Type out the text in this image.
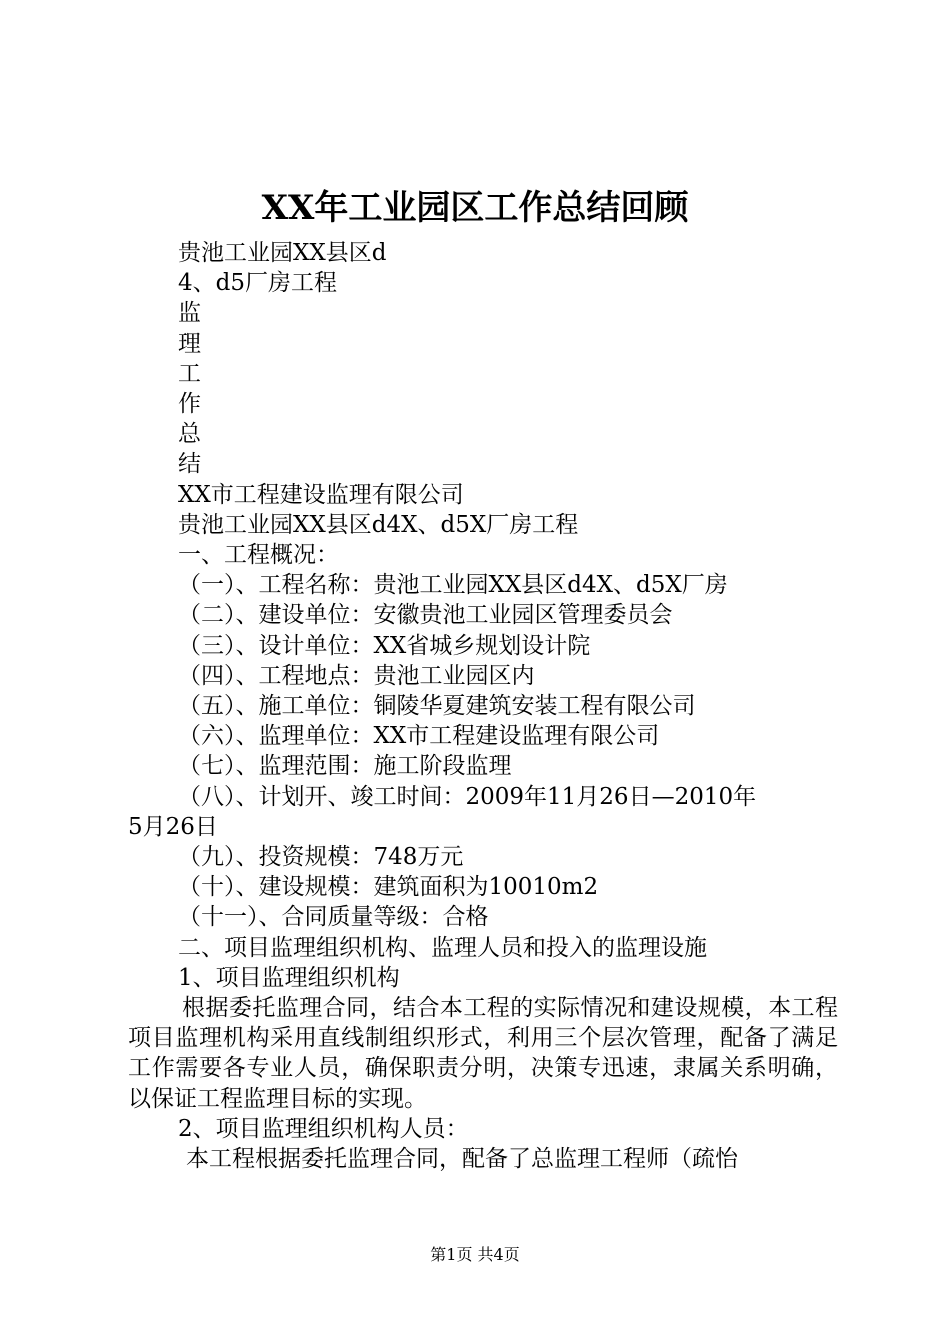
XX年工业园区工作总结回顾
贵池工业园XX县区d
4、d5厂房工程
监
理
工
作
总
结
XX市工程建设监理有限公司
贵池工业园XX县区d4X、d5X厂房工程
一、工程概况：
（一）、工程名称：贵池工业园XX县区d4X、d5X厂房
（二）、建设单位：安徽贵池工业园区管理委员会
（三）、设计单位：XX省城乡规划设计院
（四）、工程地点：贵池工业园区内
（五）、施工单位：铜陵华夏建筑安装工程有限公司
（六）、监理单位：XX市工程建设监理有限公司
（七）、监理范围：施工阶段监理
（八）、计划开、竣工时间：2009年11月26日—2010年
5月26日
（九）、投资规模：748万元
（十）、建设规模：建筑面积为10010m2
（十一）、合同质量等级：合格
二、项目监理组织机构、监理人员和投入的监理设施
1、项目监理组织机构
根据委托监理合同，结合本工程的实际情况和建设规模，本工程项目监理机构采用直线制组织形式，利用三个层次管理，配备了满足工作需要各专业人员，确保职责分明，决策专迅速，隶属关系明确，以保证工程监理目标的实现。
2、项目监理组织机构人员：
本工程根据委托监理合同，配备了总监理工程师（疏怡
第1页 共4页
